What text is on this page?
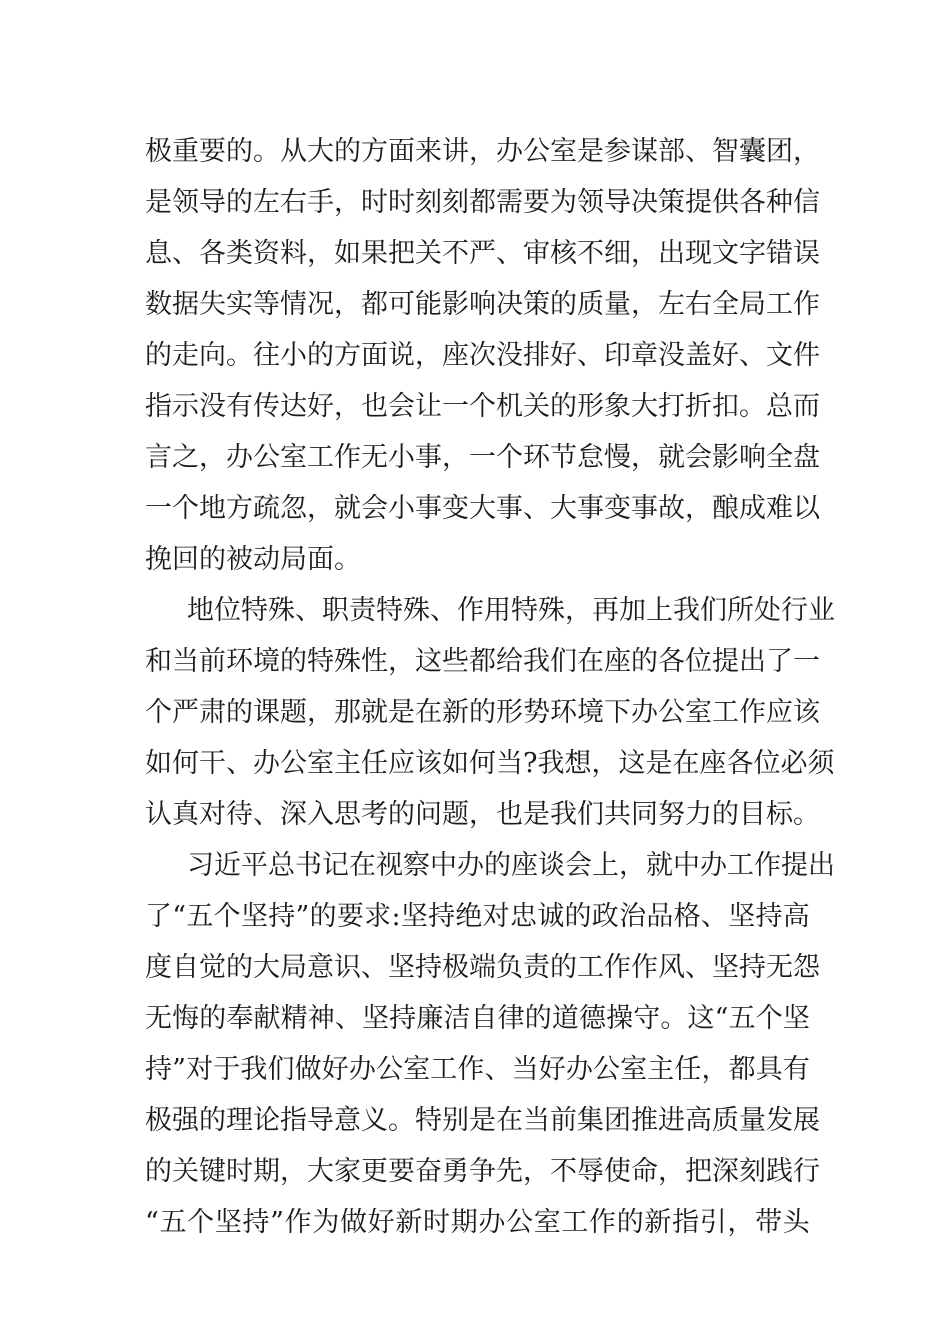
极 重 要 的 。 从 大 的 方 面 来 讲 ， 办 公 室 是 参 谋 部 、 智 囊 团 ，
是 领 导 的 左 右 手 ， 时 时 刻 刻 都 需 要 为 领 导 决 策 提 供 各 种 信
息 、 各 类 资 料 ， 如 果 把 关 不 严 、 审 核 不 细 ， 出 现 文 字 错 误
数 据 失 实 等 情 况 ， 都 可 能 影 响 决 策 的 质 量 ， 左 右 全 局 工 作
的 走 向 。 往 小 的 方 面 说 ， 座 次 没 排 好 、 印 章 没 盖 好 、 文 件
指 示 没 有 传 达 好 ， 也 会 让 一 个 机 关 的 形 象 大 打 折 扣 。 总 而
言 之 ， 办 公 室 工 作 无 小 事 ， 一 个 环 节 怠 慢 ， 就 会 影 响 全 盘
一 个 地 方 疏 忽 ， 就 会 小 事 变 大 事 、 大 事 变 事 故 ， 酿 成 难 以
挽回的被动局面。
地 位 特 殊 、 职 责 特 殊 、 作 用 特 殊 ， 再 加 上 我 们 所 处 行 业
和 当 前 环 境 的 特 殊 性 ， 这 些 都 给 我 们 在 座 的 各 位 提 出 了 一
个 严 肃 的 课 题 ， 那 就 是 在 新 的 形 势 环 境 下 办 公 室 工 作 应 该
如 何 干 、 办 公 室 主 任 应 该 如 何 当 ? 我 想 ， 这 是 在 座 各 位 必 须
认真对待、深入思考的问题，也是我们共同努力的目标。
习 近 平 总 书 记 在 视 察 中 办 的 座 谈 会 上 ， 就 中 办 工 作 提 出
了 “ 五 个 坚 持 ” 的 要 求 : 坚 持 绝 对 忠 诚 的 政 治 品 格 、 坚 持 高
度 自 觉 的 大 局 意 识 、 坚 持 极 端 负 责 的 工 作 作 风 、 坚 持 无 怨
无 悔 的 奉 献 精 神 、 坚 持 廉 洁 自 律 的 道 德 操 守 。 这 “ 五 个 坚
持 ” 对 于 我 们 做 好 办 公 室 工 作 、 当 好 办 公 室 主 任 ， 都 具 有
极 强 的 理 论 指 导 意 义 。 特 别 是 在 当 前 集 团 推 进 高 质 量 发 展
的 关 键 时 期 ， 大 家 更 要 奋 勇 争 先 ， 不 辱 使 命 ， 把 深 刻 践 行
“ 五 个 坚 持 ” 作 为 做 好 新 时 期 办 公 室 工 作 的 新 指 引 ， 带 头
